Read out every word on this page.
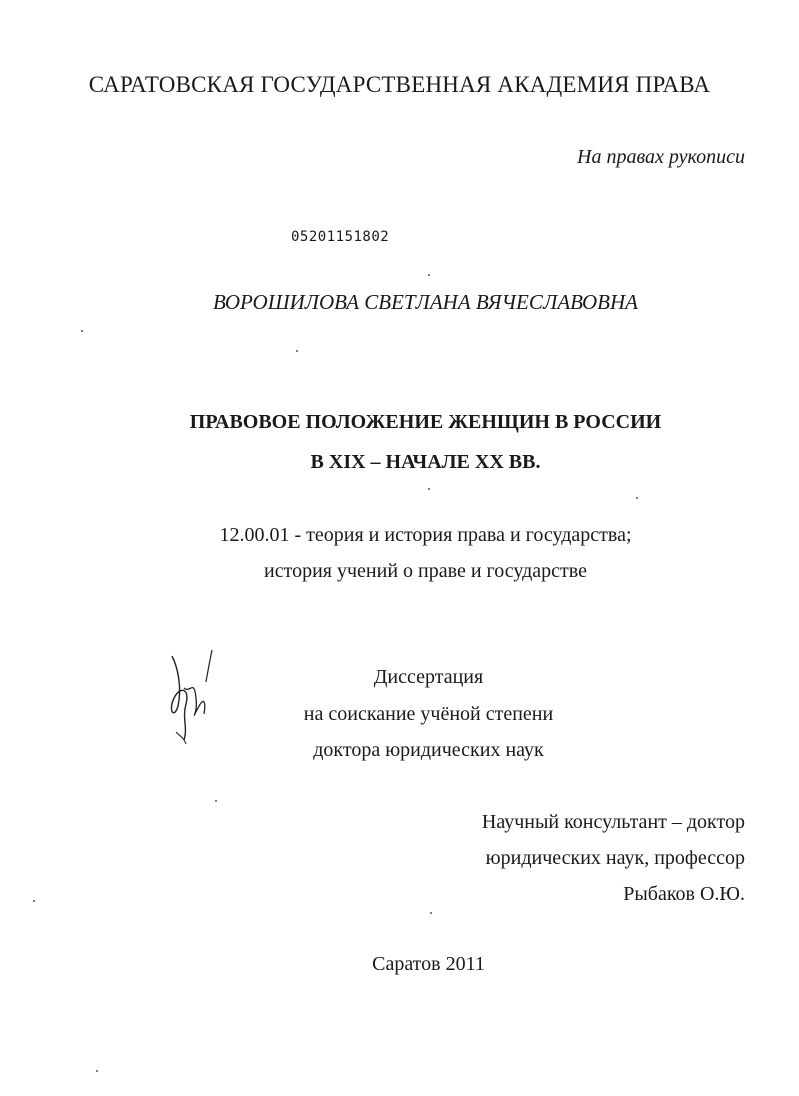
САРАТОВСКАЯ ГОСУДАРСТВЕННАЯ АКАДЕМИЯ ПРАВА
На правах рукописи
05201151802
ВОРОШИЛОВА СВЕТЛАНА ВЯЧЕСЛАВОВНА
ПРАВОВОЕ ПОЛОЖЕНИЕ ЖЕНЩИН В РОССИИ
В XIX – НАЧАЛЕ XX ВВ.
12.00.01 - теория и история права и государства;
история учений о праве и государстве
Диссертация
на соискание учёной степени
доктора юридических наук
Научный консультант – доктор
юридических наук, профессор
Рыбаков О.Ю.
Саратов 2011
